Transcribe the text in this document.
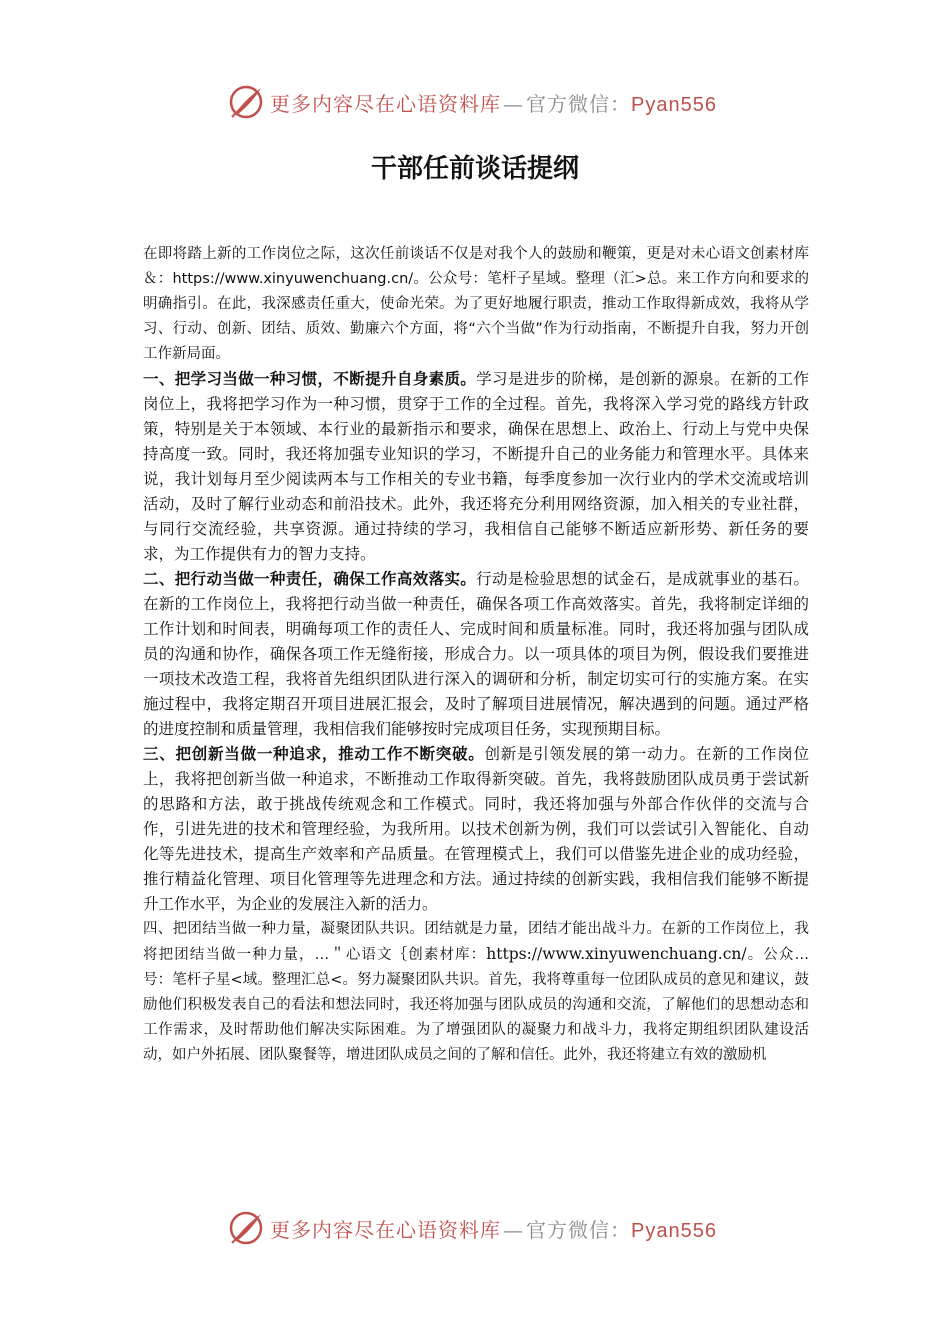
更多内容尽在心语资料库 — 官方微信：Pyan556
干部任前谈话提纲

在即将踏上新的工作岗位之际，这次任前谈话不仅是对我个人的鼓励和鞭策，更是对未心语文创素材库＆：https://www.xinyuwenchuang.cn/。公众号：笔杆子星域。整理（汇>总。来工作方向和要求的明确指引。在此，我深感责任重大，使命光荣。为了更好地履行职责，推动工作取得新成效，我将从学习、行动、创新、团结、质效、勤廉六个方面，将“六个当做”作为行动指南，不断提升自我，努力开创工作新局面。

一、把学习当做一种习惯，不断提升自身素质。学习是进步的阶梯，是创新的源泉。在新的工作岗位上，我将把学习作为一种习惯，贯穿于工作的全过程。首先，我将深入学习党的路线方针政策，特别是关于本领域、本行业的最新指示和要求，确保在思想上、政治上、行动上与党中央保持高度一致。同时，我还将加强专业知识的学习，不断提升自己的业务能力和管理水平。具体来说，我计划每月至少阅读两本与工作相关的专业书籍，每季度参加一次行业内的学术交流或培训活动，及时了解行业动态和前沿技术。此外，我还将充分利用网络资源，加入相关的专业社群，与同行交流经验，共享资源。通过持续的学习，我相信自己能够不断适应新形势、新任务的要求，为工作提供有力的智力支持。

二、把行动当做一种责任，确保工作高效落实。行动是检验思想的试金石，是成就事业的基石。在新的工作岗位上，我将把行动当做一种责任，确保各项工作高效落实。首先，我将制定详细的工作计划和时间表，明确每项工作的责任人、完成时间和质量标准。同时，我还将加强与团队成员的沟通和协作，确保各项工作无缝衔接，形成合力。以一项具体的项目为例，假设我们要推进一项技术改造工程，我将首先组织团队进行深入的调研和分析，制定切实可行的实施方案。在实施过程中，我将定期召开项目进展汇报会，及时了解项目进展情况，解决遇到的问题。通过严格的进度控制和质量管理，我相信我们能够按时完成项目任务，实现预期目标。

三、把创新当做一种追求，推动工作不断突破。创新是引领发展的第一动力。在新的工作岗位上，我将把创新当做一种追求，不断推动工作取得新突破。首先，我将鼓励团队成员勇于尝试新的思路和方法，敢于挑战传统观念和工作模式。同时，我还将加强与外部合作伙伴的交流与合作，引进先进的技术和管理经验，为我所用。以技术创新为例，我们可以尝试引入智能化、自动化等先进技术，提高生产效率和产品质量。在管理模式上，我们可以借鉴先进企业的成功经验，推行精益化管理、项目化管理等先进理念和方法。通过持续的创新实践，我相信我们能够不断提升工作水平，为企业的发展注入新的活力。

四、把团结当做一种力量，凝聚团队共识。团结就是力量，团结才能出战斗力。在新的工作岗位上，我将把团结当做一种力量，…＂心语文｛创素材库：https://www.xinyuwenchuang.cn/。公众…号：笔杆子星<域。整理汇总<。努力凝聚团队共识。首先，我将尊重每一位团队成员的意见和建议，鼓励他们积极发表自己的看法和想法同时，我还将加强与团队成员的沟通和交流，了解他们的思想动态和工作需求，及时帮助他们解决实际困难。为了增强团队的凝聚力和战斗力，我将定期组织团队建设活动，如户外拓展、团队聚餐等，增进团队成员之间的了解和信任。此外，我还将建立有效的激励机

更多内容尽在心语资料库 — 官方微信：Pyan556
